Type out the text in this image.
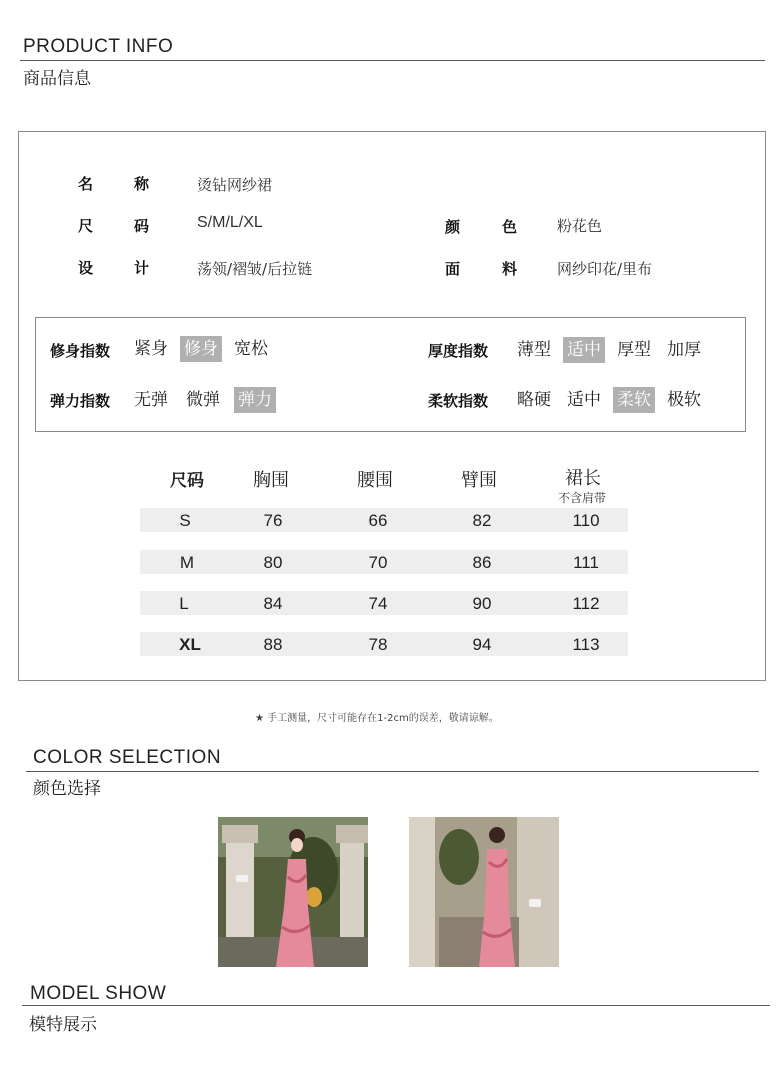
PRODUCT INFO
商品信息
名	称	烫钻网纱裙
尺	码	S/M/L/XL	颜	色	粉花色
设	计	荡领/褶皱/后拉链	面	料	网纱印花/里布
修身指数 紧身 修身 宽松
弹力指数 无弹 微弹 弹力
厚度指数 薄型 适中 厚型 加厚
柔软指数 略硬 适中 柔软 极软
尺码	胸围	腰围	臂围	裙长
不含肩带
S	76	66	82	110
M	80	70	86	111
L	84	74	90	112
XL	88	78	94	113
★ 手工测量，尺寸可能存在1-2cm的误差，敬请谅解。
COLOR SELECTION
颜色选择
MODEL SHOW
模特展示
